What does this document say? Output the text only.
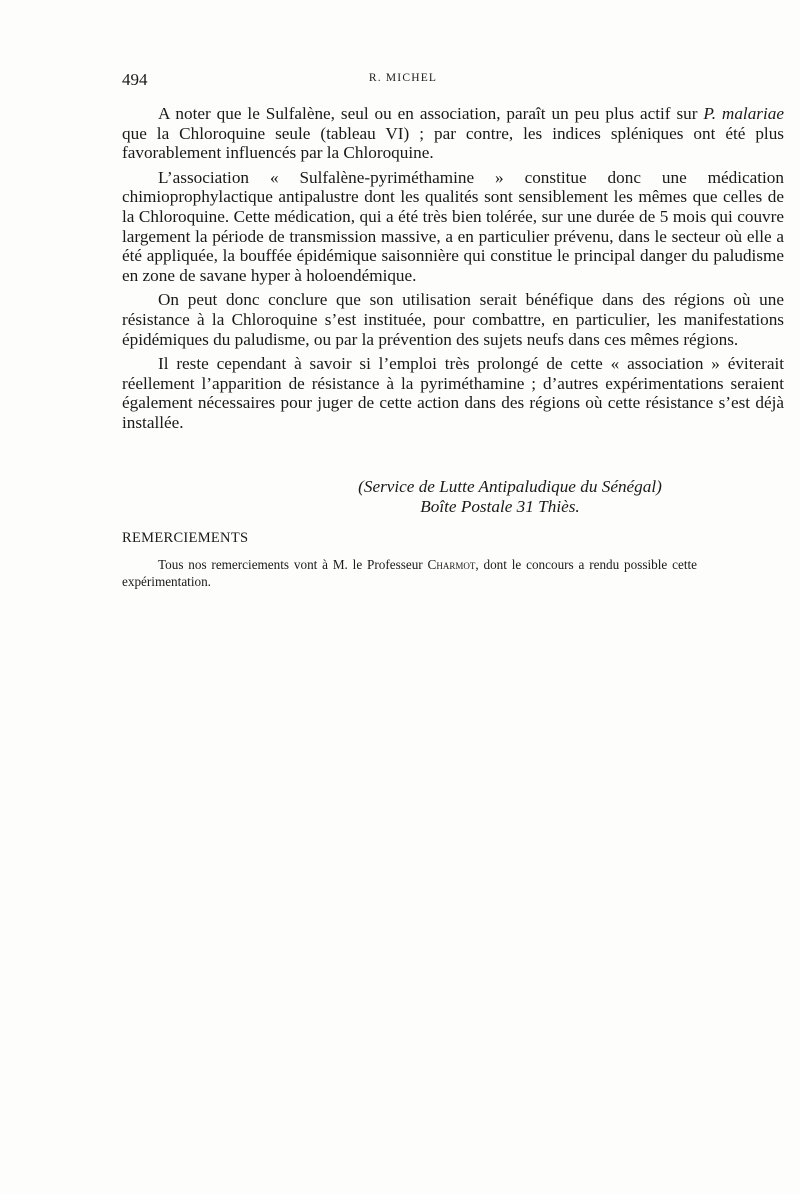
494	R. MICHEL

A noter que le Sulfalène, seul ou en association, paraît un peu plus actif sur P. malariae que la Chloroquine seule (tableau VI) ; par contre, les indices spléniques ont été plus favorablement influencés par la Chloroquine.

L’association « Sulfalène-pyriméthamine » constitue donc une médication chimioprophylactique antipalustre dont les qualités sont sensiblement les mêmes que celles de la Chloroquine. Cette médication, qui a été très bien tolérée, sur une durée de 5 mois qui couvre largement la période de transmission massive, a en particulier prévenu, dans le secteur où elle a été appliquée, la bouffée épidémique saisonnière qui constitue le principal danger du paludisme en zone de savane hyper à holoendémique.

On peut donc conclure que son utilisation serait bénéfique dans des régions où une résistance à la Chloroquine s’est instituée, pour combattre, en particulier, les manifestations épidémiques du paludisme, ou par la prévention des sujets neufs dans ces mêmes régions.

Il reste cependant à savoir si l’emploi très prolongé de cette « association » éviterait réellement l’apparition de résistance à la pyriméthamine ; d’autres expérimentations seraient également nécessaires pour juger de cette action dans des régions où cette résistance s’est déjà installée.

(Service de Lutte Antipaludique du Sénégal)
Boîte Postale 31 Thiès.
REMERCIEMENTS

Tous nos remerciements vont à M. le Professeur Charmot, dont le concours a rendu possible cette expérimentation.
